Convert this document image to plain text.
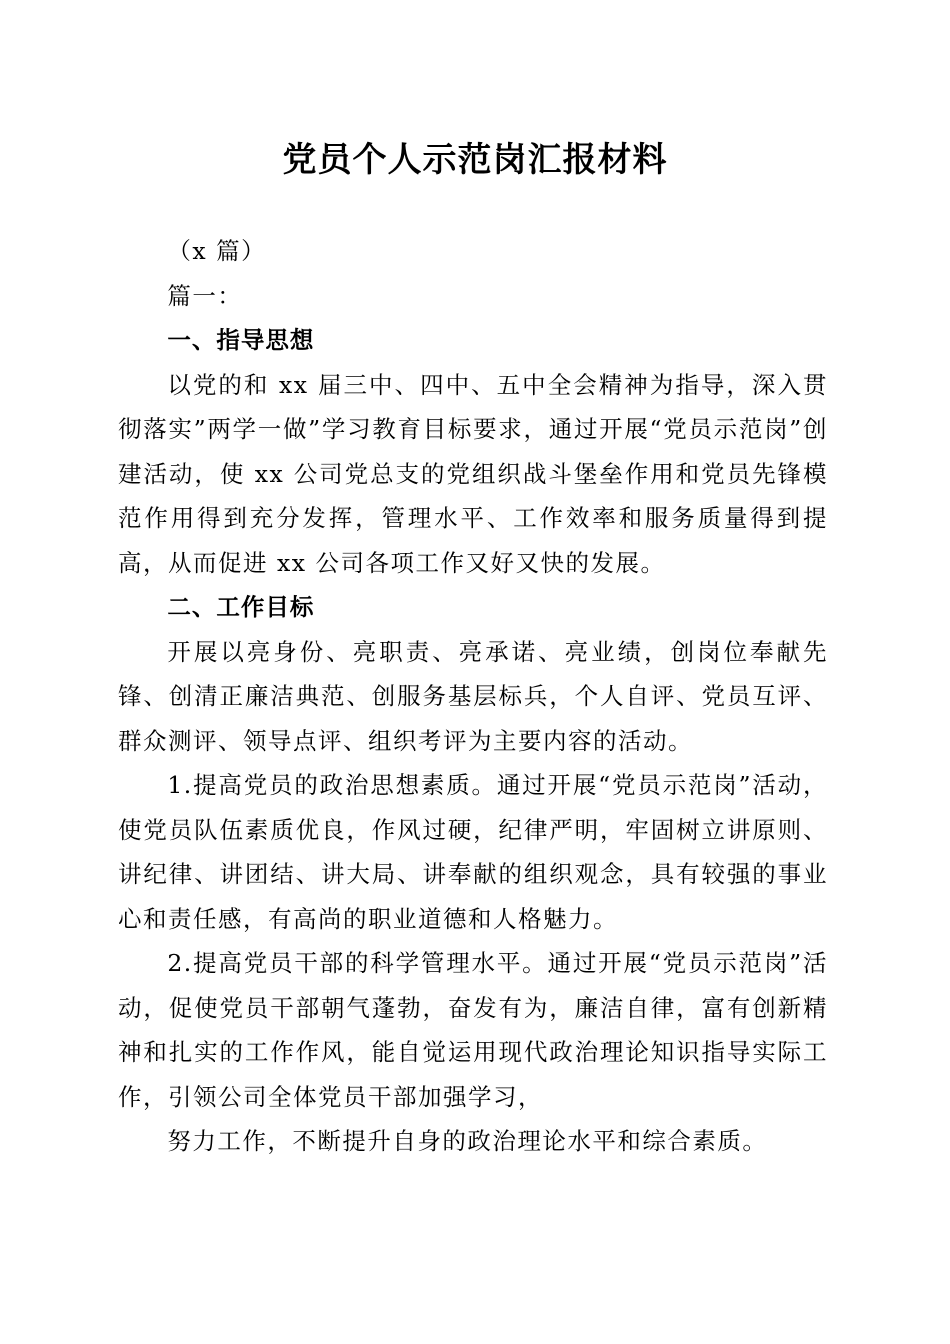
党员个人示范岗汇报材料

（x 篇）

篇一：

一、指导思想

以党的和 xx 届三中、四中、五中全会精神为指导，深入贯彻落实”两学一做”学习教育目标要求，通过开展“党员示范岗”创建活动，使 xx 公司党总支的党组织战斗堡垒作用和党员先锋模范作用得到充分发挥，管理水平、工作效率和服务质量得到提高，从而促进 xx 公司各项工作又好又快的发展。

二、工作目标

开展以亮身份、亮职责、亮承诺、亮业绩，创岗位奉献先锋、创清正廉洁典范、创服务基层标兵，个人自评、党员互评、群众测评、领导点评、组织考评为主要内容的活动。

1.提高党员的政治思想素质。通过开展“党员示范岗”活动，使党员队伍素质优良，作风过硬，纪律严明，牢固树立讲原则、讲纪律、讲团结、讲大局、讲奉献的组织观念，具有较强的事业心和责任感，有高尚的职业道德和人格魅力。

2.提高党员干部的科学管理水平。通过开展“党员示范岗”活动，促使党员干部朝气蓬勃，奋发有为，廉洁自律，富有创新精神和扎实的工作作风，能自觉运用现代政治理论知识指导实际工作，引领公司全体党员干部加强学习，

努力工作，不断提升自身的政治理论水平和综合素质。
